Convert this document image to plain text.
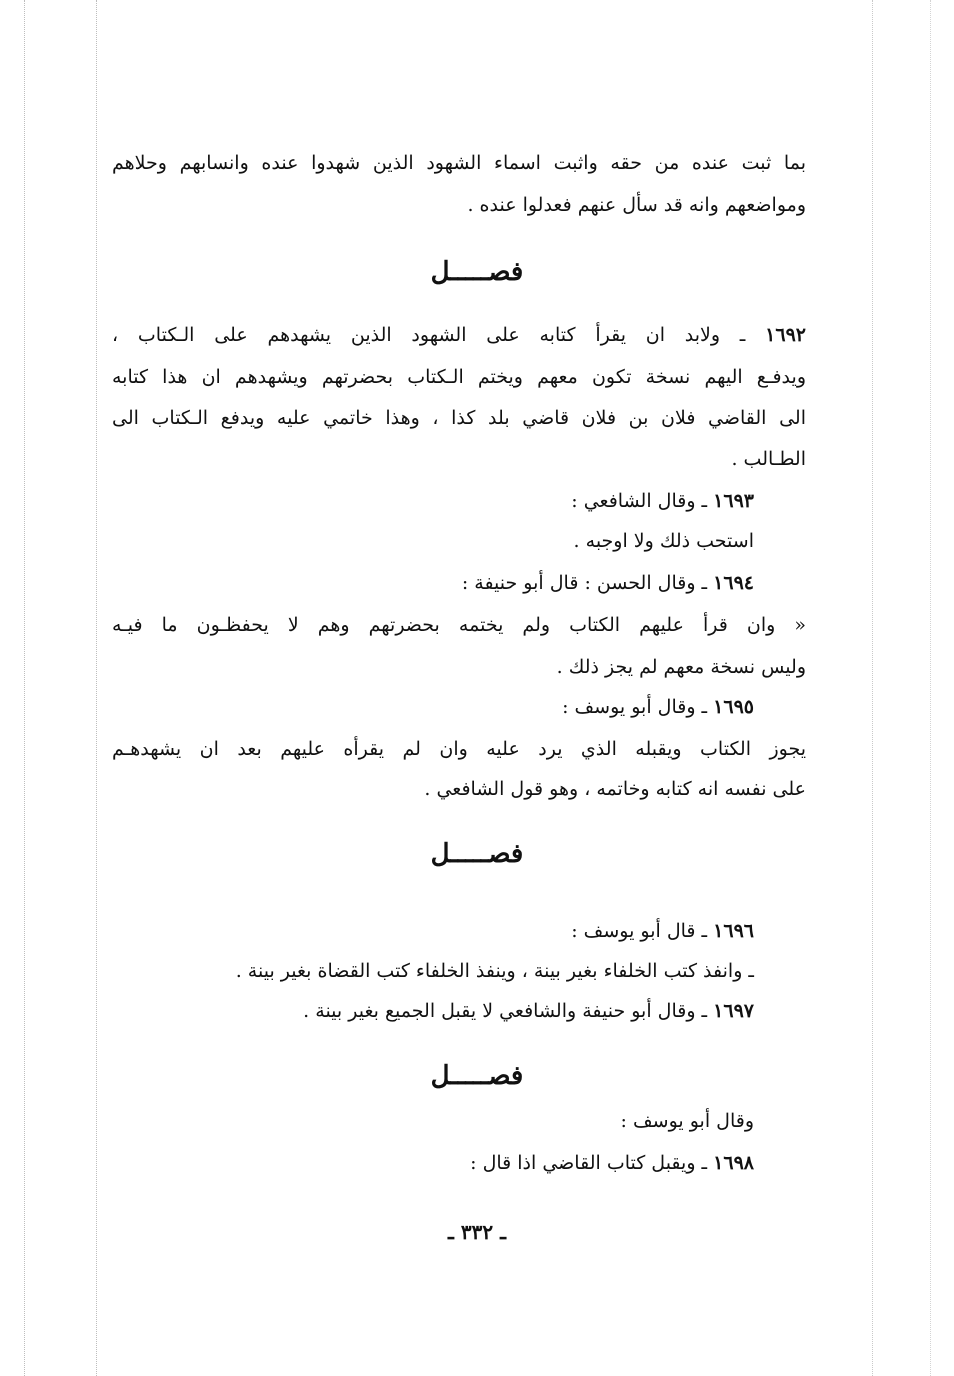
بما ثبت عنده من حقه واثبت اسماء الشهود الذين شهدوا عنده وانسابهم وحلاهم
ومواضعهم وانه قد سأل عنهم فعدلوا عنده .
فصـــــل
١٦٩٢ ـ ولابد ان يقرأ كتابه على الشهود الذين يشهدهم على الـكتاب ،
ويدفـع اليهم نسخة تكون معهم ويختم الـكتاب بحضرتهم ويشهدهم ان هذا كتابه
الى القاضي فلان بن فلان قاضي بلد كذا ، وهذا خاتمي عليه ويدفع الـكتاب الى
الطـالب .
١٦٩٣ ـ وقال الشافعي :
استحب ذلك ولا اوجبه .
١٦٩٤ ـ وقال الحسن : قال أبو حنيفة :
« وان قرأ عليهم الكتاب ولم يختمه بحضرتهم وهم لا يحفظـون ما فيـه
وليس نسخة معهم لم يجز ذلك .
١٦٩٥ ـ وقال أبو يوسف :
يجوز الكتاب ويقبله الذي يرد عليه وان لم يقرأه عليهم بعد ان يشهدهـم
على نفسه انه كتابه وخاتمه ، وهو قول الشافعي .
فصـــــل
١٦٩٦ ـ قال أبو يوسف :
ـ وانفذ كتب الخلفاء بغير بينة ، وينفذ الخلفاء كتب القضاة بغير بينة .
١٦٩٧ ـ وقال أبو حنيفة والشافعي لا يقبل الجميع بغير بينة .
فصـــــل
وقال أبو يوسف :
١٦٩٨ ـ ويقبل كتاب القاضي اذا قال :
ـ ٣٣٢ ـ
